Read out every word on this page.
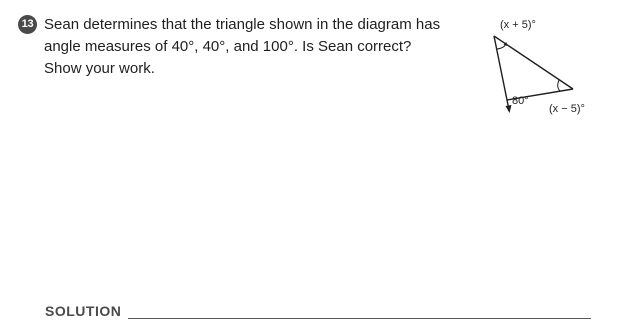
13 Sean determines that the triangle shown in the diagram has
angle measures of 40°, 40°, and 100°. Is Sean correct?
Show your work.
(x + 5)°
80°
(x − 5)°
SOLUTION
